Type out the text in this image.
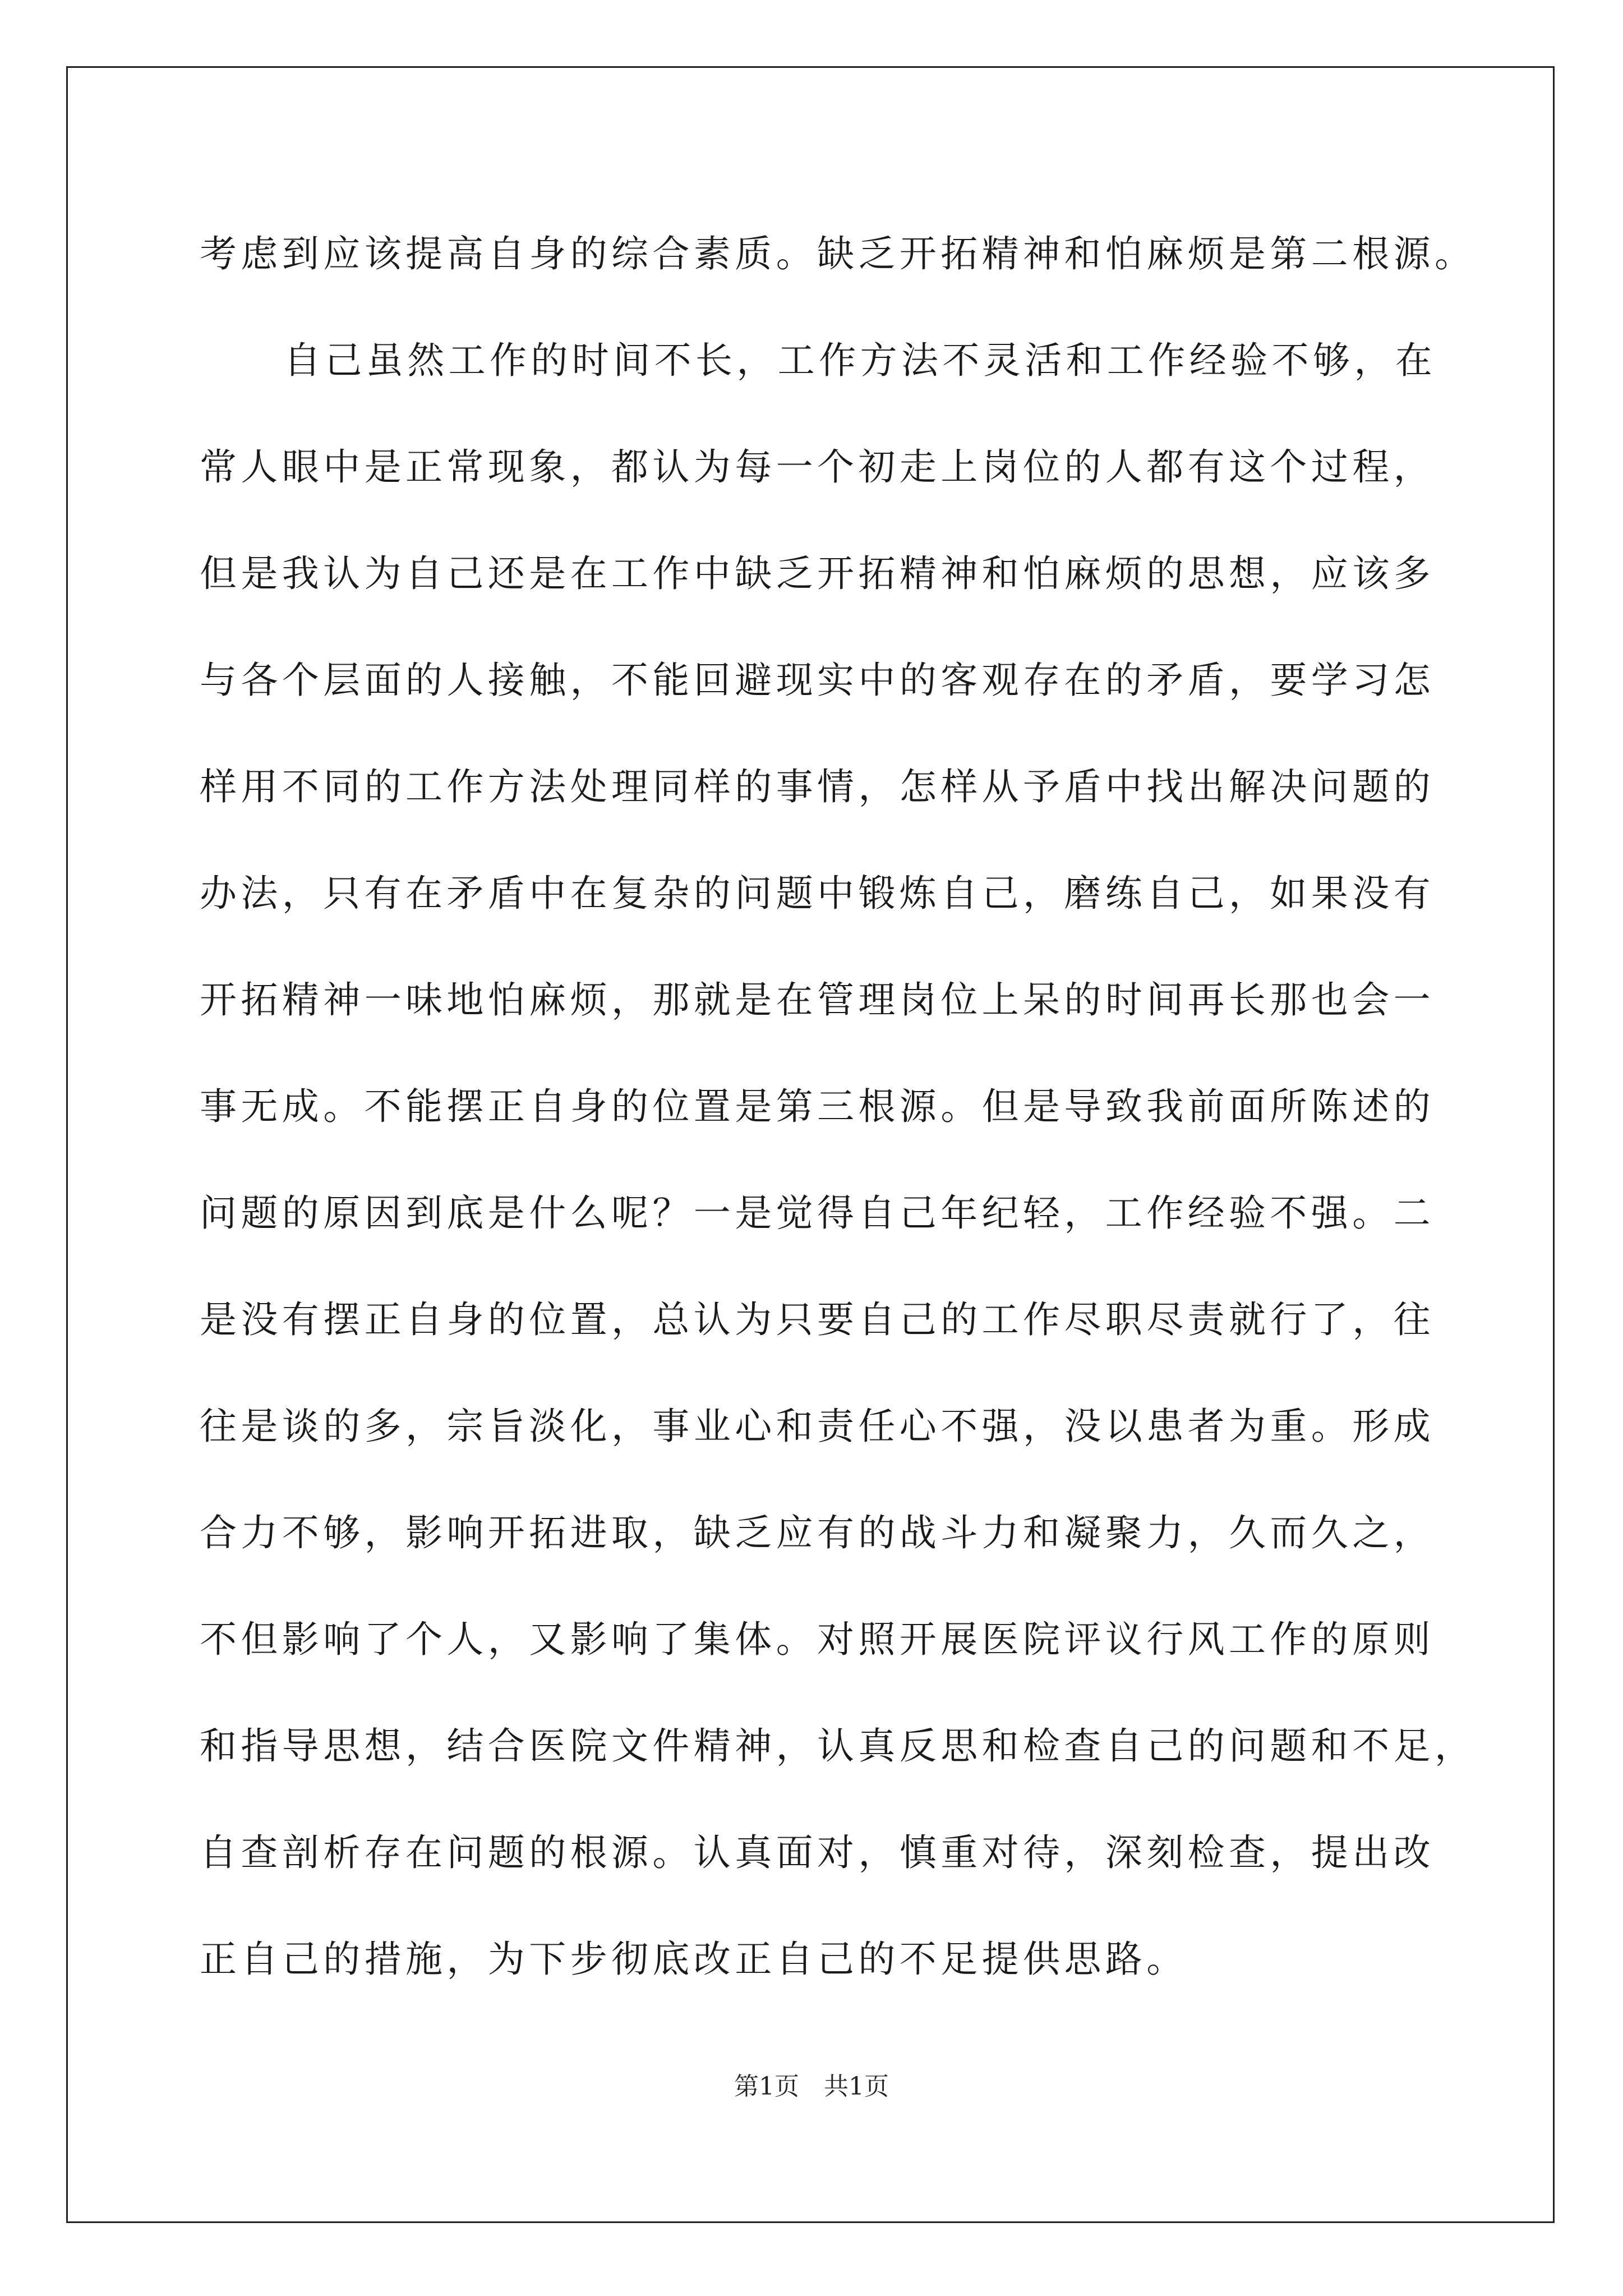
考虑到应该提高自身的综合素质。缺乏开拓精神和怕麻烦是第二根源。
自己虽然工作的时间不长，工作方法不灵活和工作经验不够，在
常人眼中是正常现象，都认为每一个初走上岗位的人都有这个过程，
但是我认为自己还是在工作中缺乏开拓精神和怕麻烦的思想，应该多
与各个层面的人接触，不能回避现实中的客观存在的矛盾，要学习怎
样用不同的工作方法处理同样的事情，怎样从予盾中找出解决问题的
办法，只有在矛盾中在复杂的问题中锻炼自己，磨练自己，如果没有
开拓精神一味地怕麻烦，那就是在管理岗位上呆的时间再长那也会一
事无成。不能摆正自身的位置是第三根源。但是导致我前面所陈述的
问题的原因到底是什么呢？一是觉得自己年纪轻，工作经验不强。二
是没有摆正自身的位置，总认为只要自己的工作尽职尽责就行了，往
往是谈的多，宗旨淡化，事业心和责任心不强，没以患者为重。形成
合力不够，影响开拓进取，缺乏应有的战斗力和凝聚力，久而久之，
不但影响了个人，又影响了集体。对照开展医院评议行风工作的原则
和指导思想，结合医院文件精神，认真反思和检查自己的问题和不足，
自查剖析存在问题的根源。认真面对，慎重对待，深刻检查，提出改
正自己的措施，为下步彻底改正自己的不足提供思路。
第1页 共1页
